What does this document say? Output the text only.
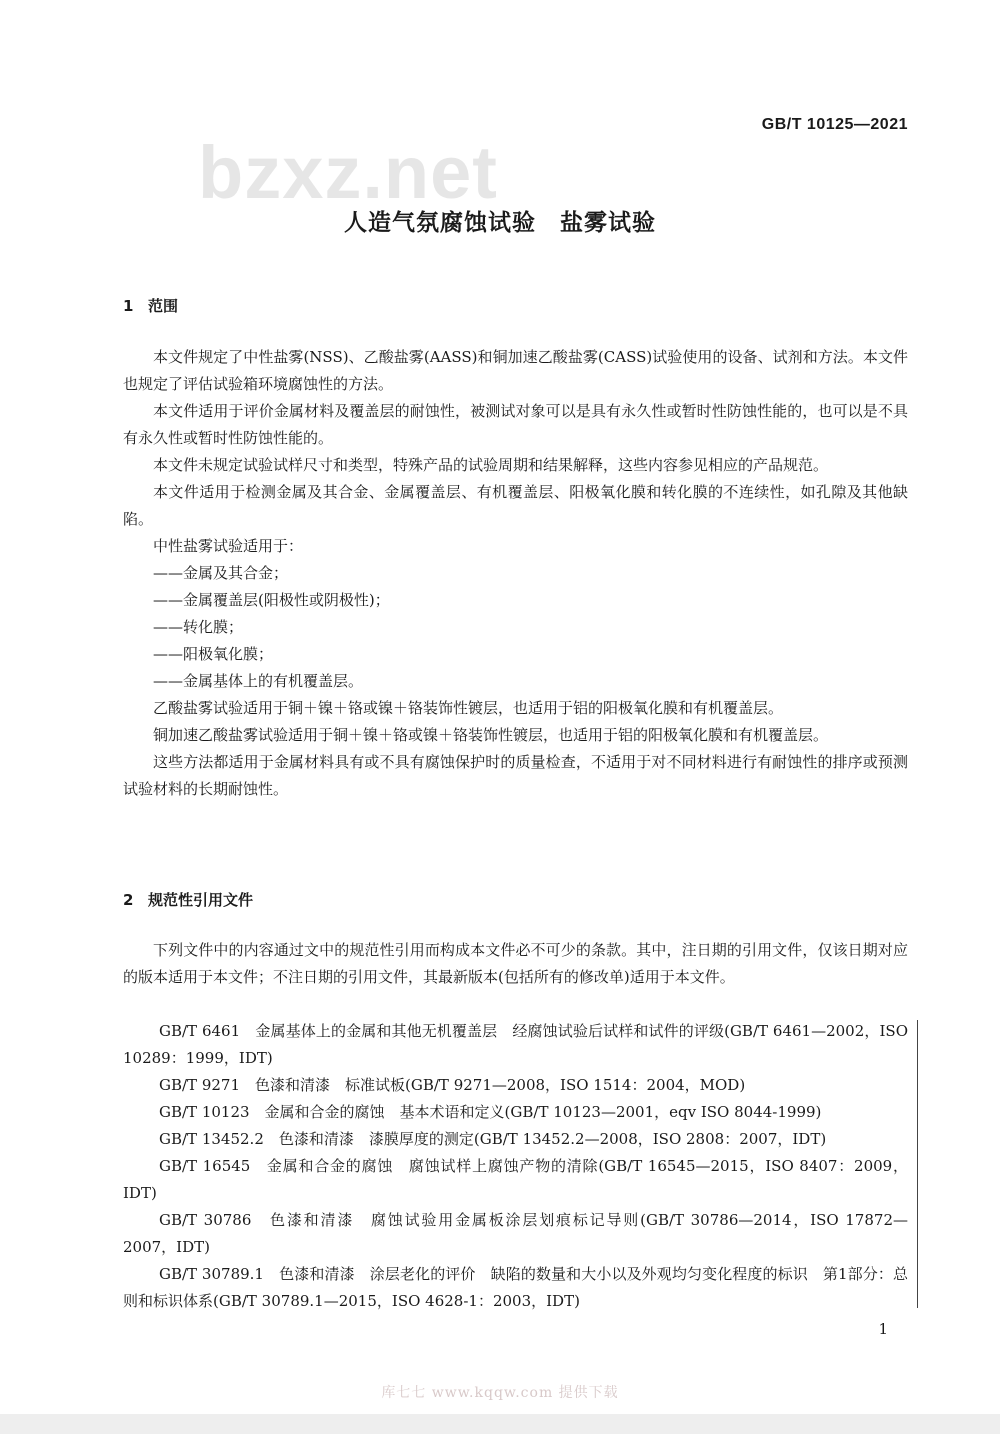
GB/T 10125—2021
bzxz.net
人造气氛腐蚀试验　盐雾试验
1 范围

本文件规定了中性盐雾(NSS)、乙酸盐雾(AASS)和铜加速乙酸盐雾(CASS)试验使用的设备、试剂和方法。本文件也规定了评估试验箱环境腐蚀性的方法。

本文件适用于评价金属材料及覆盖层的耐蚀性，被测试对象可以是具有永久性或暂时性防蚀性能的，也可以是不具有永久性或暂时性防蚀性能的。

本文件未规定试验试样尺寸和类型，特殊产品的试验周期和结果解释，这些内容参见相应的产品规范。

本文件适用于检测金属及其合金、金属覆盖层、有机覆盖层、阳极氧化膜和转化膜的不连续性，如孔隙及其他缺陷。

中性盐雾试验适用于：

——金属及其合金；

——金属覆盖层(阳极性或阴极性)；

——转化膜；

——阳极氧化膜；

——金属基体上的有机覆盖层。

乙酸盐雾试验适用于铜＋镍＋铬或镍＋铬装饰性镀层，也适用于铝的阳极氧化膜和有机覆盖层。

铜加速乙酸盐雾试验适用于铜＋镍＋铬或镍＋铬装饰性镀层，也适用于铝的阳极氧化膜和有机覆盖层。

这些方法都适用于金属材料具有或不具有腐蚀保护时的质量检查，不适用于对不同材料进行有耐蚀性的排序或预测试验材料的长期耐蚀性。

2 规范性引用文件

下列文件中的内容通过文中的规范性引用而构成本文件必不可少的条款。其中，注日期的引用文件，仅该日期对应的版本适用于本文件；不注日期的引用文件，其最新版本(包括所有的修改单)适用于本文件。

GB/T 6461　金属基体上的金属和其他无机覆盖层　经腐蚀试验后试样和试件的评级(GB/T 6461—2002，ISO 10289：1999，IDT)

GB/T 9271　色漆和清漆　标准试板(GB/T 9271—2008，ISO 1514：2004，MOD)

GB/T 10123　金属和合金的腐蚀　基本术语和定义(GB/T 10123—2001，eqv ISO 8044-1999)

GB/T 13452.2　色漆和清漆　漆膜厚度的测定(GB/T 13452.2—2008，ISO 2808：2007，IDT)

GB/T 16545　金属和合金的腐蚀　腐蚀试样上腐蚀产物的清除(GB/T 16545—2015，ISO 8407：2009，IDT)

GB/T 30786　色漆和清漆　腐蚀试验用金属板涂层划痕标记导则(GB/T 30786—2014，ISO 17872—2007，IDT)

GB/T 30789.1　色漆和清漆　涂层老化的评价　缺陷的数量和大小以及外观均匀变化程度的标识　第1部分：总则和标识体系(GB/T 30789.1—2015，ISO 4628-1：2003，IDT)

1
库七七 www.kqqw.com 提供下载
